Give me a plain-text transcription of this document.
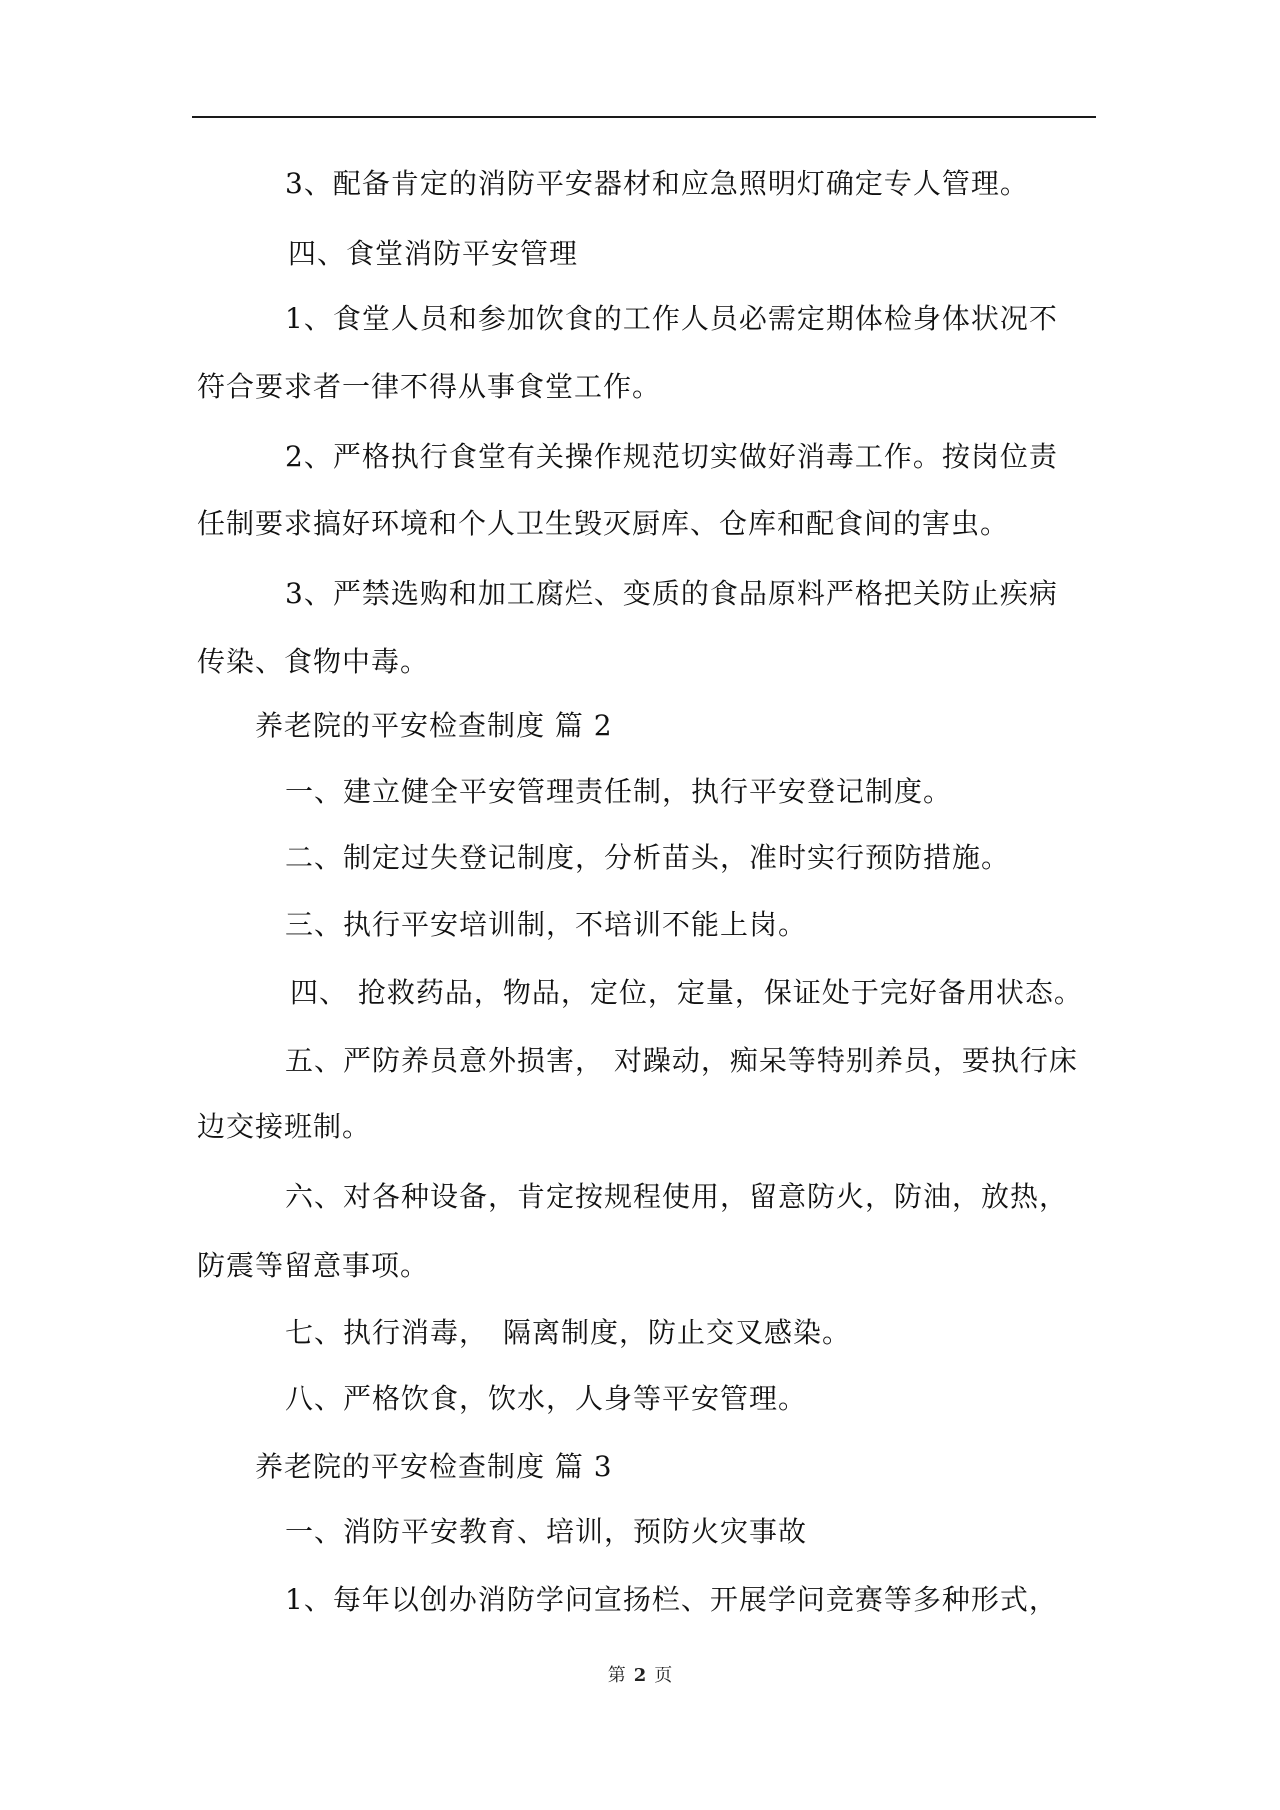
3、配备肯定的消防平安器材和应急照明灯确定专人管理。
四、食堂消防平安管理
1、食堂人员和参加饮食的工作人员必需定期体检身体状况不
符合要求者一律不得从事食堂工作。
2、严格执行食堂有关操作规范切实做好消毒工作。按岗位责
任制要求搞好环境和个人卫生毁灭厨库、仓库和配食间的害虫。
3、严禁选购和加工腐烂、变质的食品原料严格把关防止疾病
传染、食物中毒。
养老院的平安检查制度 篇 2
一、建立健全平安管理责任制，执行平安登记制度。
二、制定过失登记制度，分析苗头，准时实行预防措施。
三、执行平安培训制，不培训不能上岗。
四、 抢救药品，物品，定位，定量，保证处于完好备用状态。
五、严防养员意外损害， 对躁动，痴呆等特别养员，要执行床
边交接班制。
六、对各种设备，肯定按规程使用，留意防火，防油，放热，
防震等留意事项。
七、执行消毒，　隔离制度，防止交叉感染。
八、严格饮食，饮水，人身等平安管理。
养老院的平安检查制度 篇 3
一、消防平安教育、培训，预防火灾事故
1、每年以创办消防学问宣扬栏、开展学问竞赛等多种形式，
第 2 页
